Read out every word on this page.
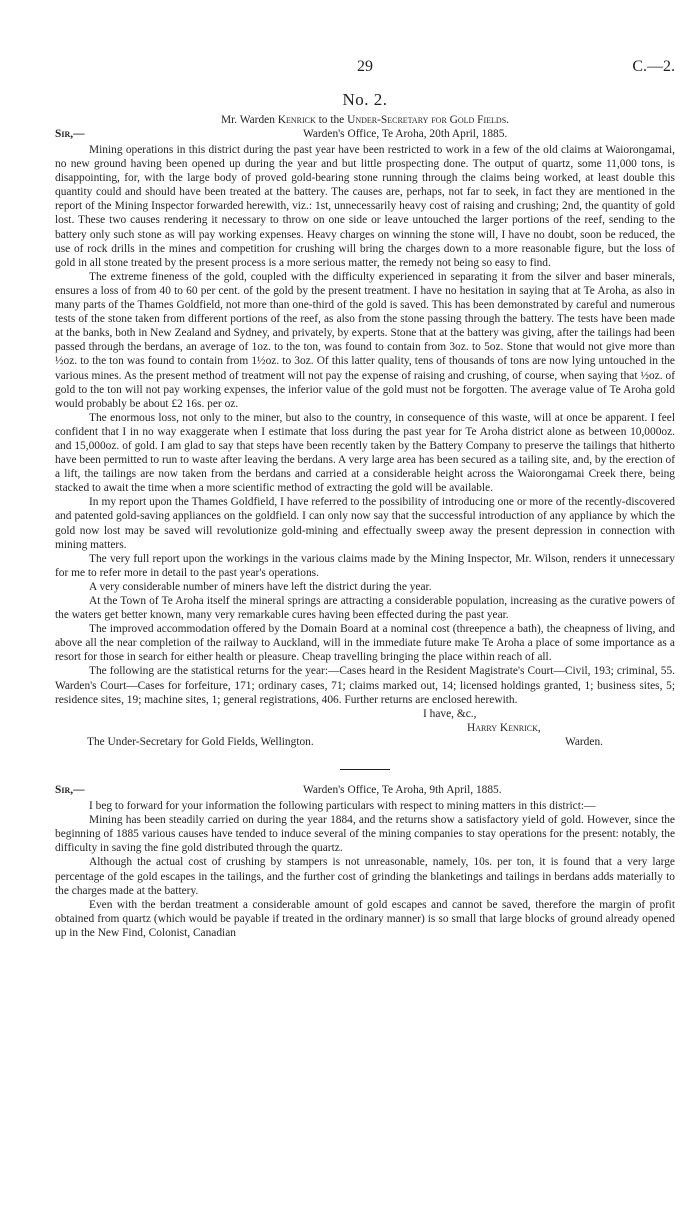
29	C.—2.
No. 2.
Mr. Warden Kenrick to the Under-Secretary for Gold Fields.
Sir,—	Warden's Office, Te Aroha, 20th April, 1885.

Mining operations in this district during the past year have been restricted to work in a few of the old claims at Waiorongamai, no new ground having been opened up during the year and but little prospecting done. The output of quartz, some 11,000 tons, is disappointing, for, with the large body of proved gold-bearing stone running through the claims being worked, at least double this quantity could and should have been treated at the battery. The causes are, perhaps, not far to seek, in fact they are mentioned in the report of the Mining Inspector forwarded herewith, viz.: 1st, unnecessarily heavy cost of raising and crushing; 2nd, the quantity of gold lost. These two causes rendering it necessary to throw on one side or leave untouched the larger portions of the reef, sending to the battery only such stone as will pay working expenses. Heavy charges on winning the stone will, I have no doubt, soon be reduced, the use of rock drills in the mines and competition for crushing will bring the charges down to a more reasonable figure, but the loss of gold in all stone treated by the present process is a more serious matter, the remedy not being so easy to find.

The extreme fineness of the gold, coupled with the difficulty experienced in separating it from the silver and baser minerals, ensures a loss of from 40 to 60 per cent. of the gold by the present treatment. I have no hesitation in saying that at Te Aroha, as also in many parts of the Thames Goldfield, not more than one-third of the gold is saved. This has been demonstrated by careful and numerous tests of the stone taken from different portions of the reef, as also from the stone passing through the battery. The tests have been made at the banks, both in New Zealand and Sydney, and privately, by experts. Stone that at the battery was giving, after the tailings had been passed through the berdans, an average of 1oz. to the ton, was found to contain from 3oz. to 5oz. Stone that would not give more than ½oz. to the ton was found to contain from 1½oz. to 3oz. Of this latter quality, tens of thousands of tons are now lying untouched in the various mines. As the present method of treatment will not pay the expense of raising and crushing, of course, when saying that ½oz. of gold to the ton will not pay working expenses, the inferior value of the gold must not be forgotten. The average value of Te Aroha gold would probably be about £2 16s. per oz.

The enormous loss, not only to the miner, but also to the country, in consequence of this waste, will at once be apparent. I feel confident that I in no way exaggerate when I estimate that loss during the past year for Te Aroha district alone as between 10,000oz. and 15,000oz. of gold. I am glad to say that steps have been recently taken by the Battery Company to preserve the tailings that hitherto have been permitted to run to waste after leaving the berdans. A very large area has been secured as a tailing site, and, by the erection of a lift, the tailings are now taken from the berdans and carried at a considerable height across the Waiorongamai Creek there, being stacked to await the time when a more scientific method of extracting the gold will be available.

In my report upon the Thames Goldfield, I have referred to the possibility of introducing one or more of the recently-discovered and patented gold-saving appliances on the goldfield. I can only now say that the successful introduction of any appliance by which the gold now lost may be saved will revolutionize gold-mining and effectually sweep away the present depression in connection with mining matters.

The very full report upon the workings in the various claims made by the Mining Inspector, Mr. Wilson, renders it unnecessary for me to refer more in detail to the past year's operations.

A very considerable number of miners have left the district during the year.

At the Town of Te Aroha itself the mineral springs are attracting a considerable population, increasing as the curative powers of the waters get better known, many very remarkable cures having been effected during the past year.

The improved accommodation offered by the Domain Board at a nominal cost (threepence a bath), the cheapness of living, and above all the near completion of the railway to Auckland, will in the immediate future make Te Aroha a place of some importance as a resort for those in search for either health or pleasure. Cheap travelling bringing the place within reach of all.

The following are the statistical returns for the year:—Cases heard in the Resident Magistrate's Court—Civil, 193; criminal, 55. Warden's Court—Cases for forfeiture, 171; ordinary cases, 71; claims marked out, 14; licensed holdings granted, 1; business sites, 5; residence sites, 19; machine sites, 1; general registrations, 406. Further returns are enclosed herewith.

I have, &c.,
Harry Kenrick,
The Under-Secretary for Gold Fields, Wellington.	Warden.
Sir,—	Warden's Office, Te Aroha, 9th April, 1885.

I beg to forward for your information the following particulars with respect to mining matters in this district:—

Mining has been steadily carried on during the year 1884, and the returns show a satisfactory yield of gold. However, since the beginning of 1885 various causes have tended to induce several of the mining companies to stay operations for the present: notably, the difficulty in saving the fine gold distributed through the quartz.

Although the actual cost of crushing by stampers is not unreasonable, namely, 10s. per ton, it is found that a very large percentage of the gold escapes in the tailings, and the further cost of grinding the blanketings and tailings in berdans adds materially to the charges made at the battery.

Even with the berdan treatment a considerable amount of gold escapes and cannot be saved, therefore the margin of profit obtained from quartz (which would be payable if treated in the ordinary manner) is so small that large blocks of ground already opened up in the New Find, Colonist, Canadian
